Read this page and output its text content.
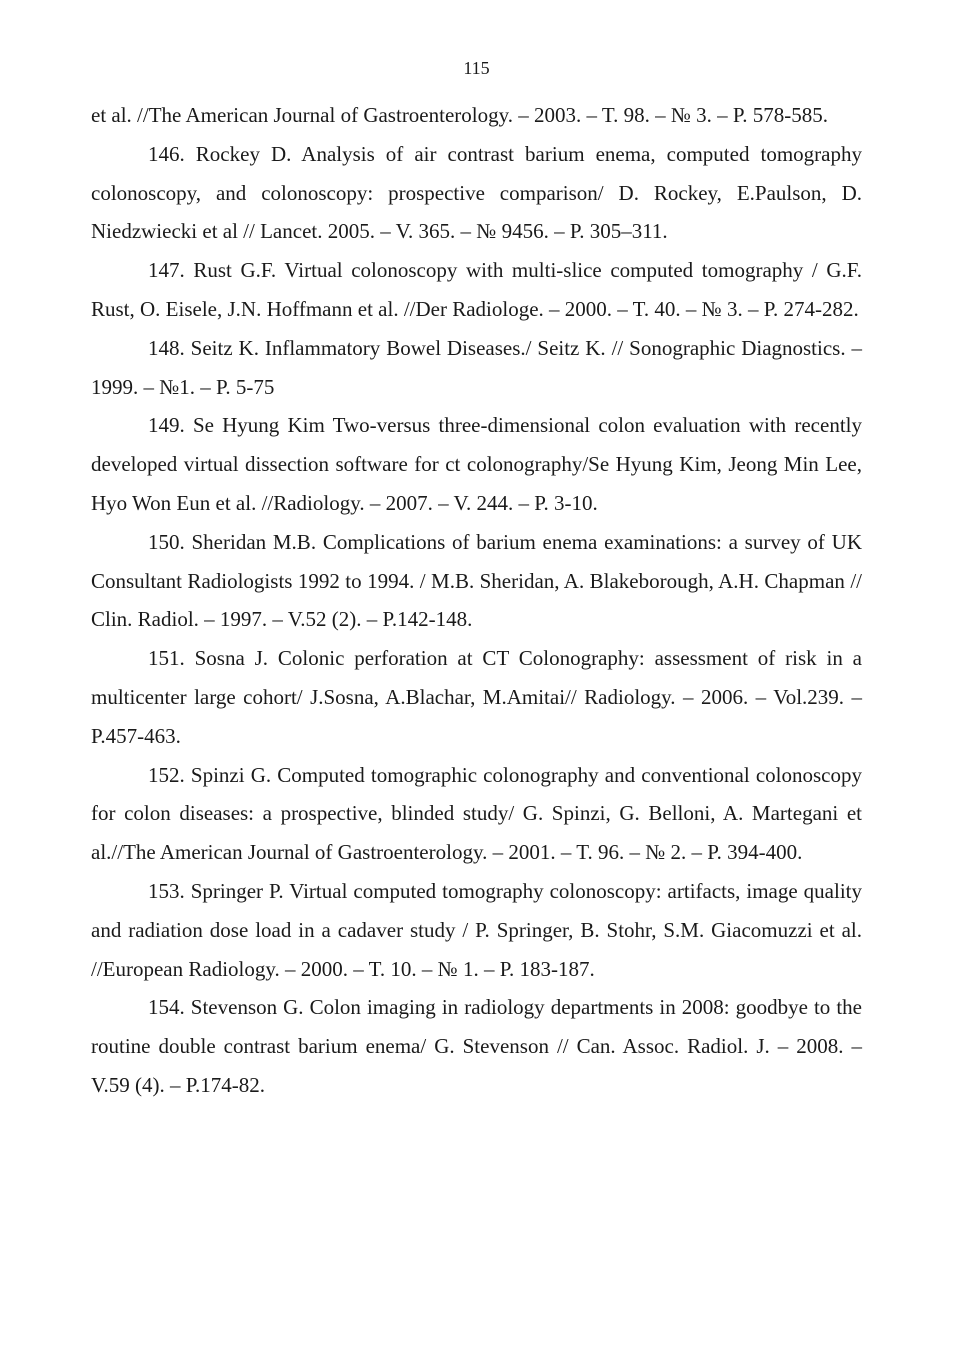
115

et al. //The American Journal of Gastroenterology. – 2003. – T. 98. – № 3. – P. 578-585.

146. Rockey D. Analysis of air contrast barium enema, computed tomography colonoscopy, and colonoscopy: prospective comparison/ D. Rockey, E.Paulson, D. Niedzwiecki et al // Lancet. 2005. – V. 365. – № 9456. – P. 305–311.

147. Rust G.F. Virtual colonoscopy with multi-slice computed tomography / G.F. Rust, O. Eisele, J.N. Hoffmann et al. //Der Radiologe. – 2000. – T. 40. – № 3. – P. 274-282.

148. Seitz K. Inflammatory Bowel Diseases./ Seitz K. // Sonographic Diagnostics. – 1999. – №1. – P. 5-75

149. Se Hyung Kim Two-versus three-dimensional colon evaluation with recently developed virtual dissection software for ct colonography/Se Hyung Kim, Jeong Min Lee, Hyo Won Eun et al. //Radiology. – 2007. – V. 244. – P. 3-10.

150. Sheridan M.B. Complications of barium enema examinations: a survey of UK Consultant Radiologists 1992 to 1994. / M.B. Sheridan, A. Blakeborough, A.H. Chapman // Clin. Radiol. – 1997. – V.52 (2). – P.142-148.

151. Sosna J. Colonic perforation at CT Colonography: assessment of risk in a multicenter large cohort/ J.Sosna, A.Blachar, M.Amitai// Radiology. – 2006. – Vol.239. – P.457-463.

152. Spinzi G. Computed tomographic colonography and conventional colonoscopy for colon diseases: a prospective, blinded study/ G. Spinzi, G. Belloni, A. Martegani et al.//The American Journal of Gastroenterology. – 2001. – T. 96. – № 2. – P. 394-400.

153. Springer P. Virtual computed tomography colonoscopy: artifacts, image quality and radiation dose load in a cadaver study / P. Springer, B. Stohr, S.M. Giacomuzzi et al. //European Radiology. – 2000. – T. 10. – № 1. – P. 183-187.

154. Stevenson G. Colon imaging in radiology departments in 2008: goodbye to the routine double contrast barium enema/ G. Stevenson // Can. Assoc. Radiol. J. – 2008. – V.59 (4). – P.174-82.
